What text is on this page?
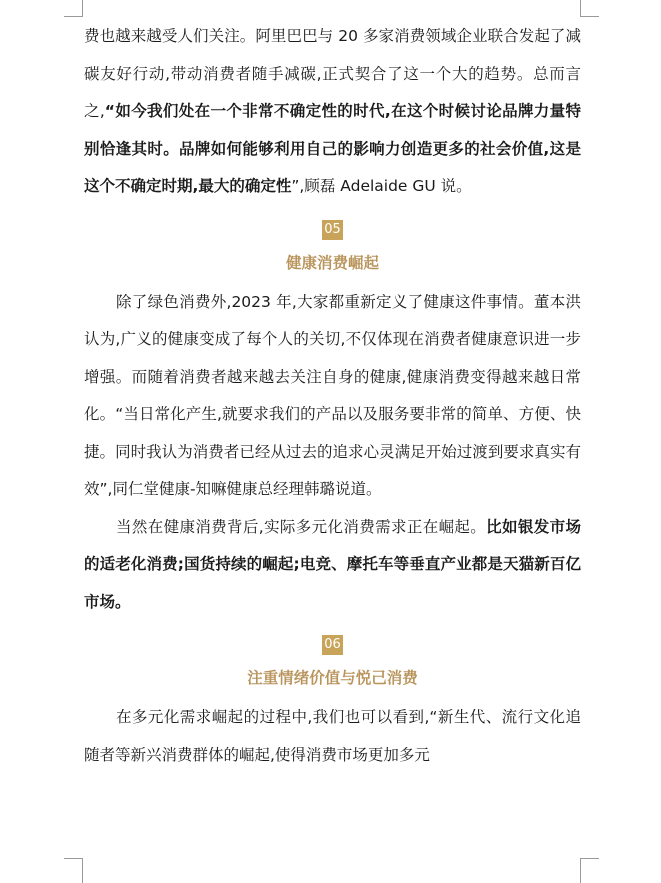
费也越来越受人们关注。阿里巴巴与 20 多家消费领域企业联合发起了减碳友好行动,带动消费者随手减碳,正式契合了这一个大的趋势。总而言之,“如今我们处在一个非常不确定性的时代,在这个时候讨论品牌力量特别恰逢其时。品牌如何能够利用自己的影响力创造更多的社会价值,这是这个不确定时期,最大的确定性”,顾磊 Adelaide GU 说。

05
健康消费崛起

除了绿色消费外,2023 年,大家都重新定义了健康这件事情。董本洪认为,广义的健康变成了每个人的关切,不仅体现在消费者健康意识进一步增强。而随着消费者越来越去关注自身的健康,健康消费变得越来越日常化。“当日常化产生,就要求我们的产品以及服务要非常的简单、方便、快捷。同时我认为消费者已经从过去的追求心灵满足开始过渡到要求真实有效”,同仁堂健康-知嘛健康总经理韩璐说道。

当然在健康消费背后,实际多元化消费需求正在崛起。比如银发市场的适老化消费;国货持续的崛起;电竞、摩托车等垂直产业都是天猫新百亿市场。

06
注重情绪价值与悦己消费

在多元化需求崛起的过程中,我们也可以看到,“新生代、流行文化追随者等新兴消费群体的崛起,使得消费市场更加多元
